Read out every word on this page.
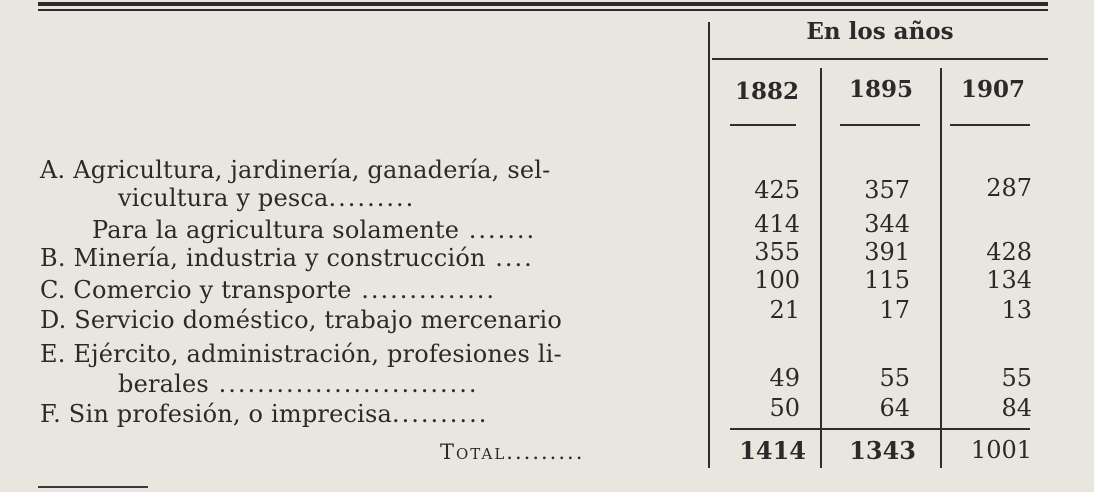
En los años
1882	1895	1907
A. Agricultura, jardinería, ganadería, sel-
vicultura y pesca.........	425	357	287
Para la agricultura solamente .......	414	344
B. Minería, industria y construcción ....	355	391	428
C. Comercio y transporte ..............	100	115	134
D. Servicio doméstico, trabajo mercenario	21	17	13
E. Ejército, administración, profesiones li-
berales ...........................	49	55	55
F. Sin profesión, o imprecisa..........	50	64	84
Total.........	1414	1343	1001
